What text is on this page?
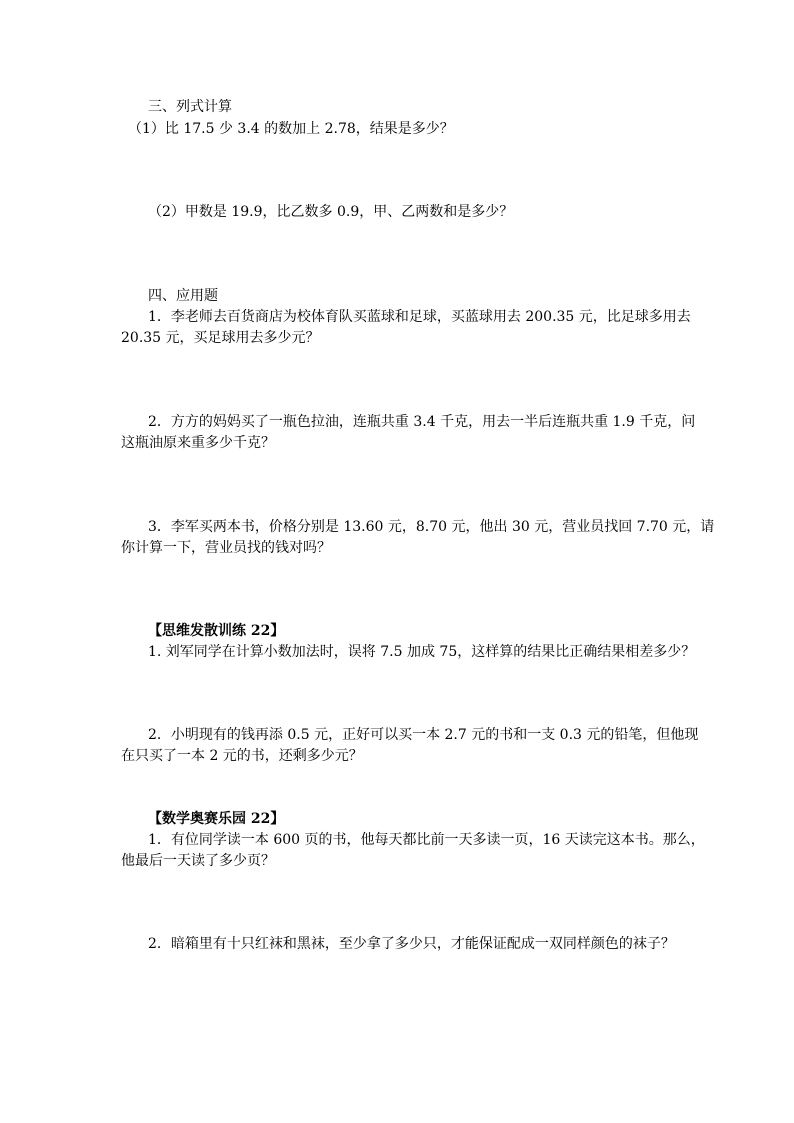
三、列式计算
（1）比 17.5 少 3.4 的数加上 2.78，结果是多少？
（2）甲数是 19.9，比乙数多 0.9，甲、乙两数和是多少？
四、应用题
1．李老师去百货商店为校体育队买蓝球和足球，买蓝球用去 200.35 元，比足球多用去
20.35 元，买足球用去多少元？
2．方方的妈妈买了一瓶色拉油，连瓶共重 3.4 千克，用去一半后连瓶共重 1.9 千克，问
这瓶油原来重多少千克？
3．李军买两本书，价格分别是 13.60 元，8.70 元，他出 30 元，营业员找回 7.70 元，请
你计算一下，营业员找的钱对吗？
【思维发散训练 22】
1. 刘军同学在计算小数加法时，误将 7.5 加成 75，这样算的结果比正确结果相差多少？
2．小明现有的钱再添 0.5 元，正好可以买一本 2.7 元的书和一支 0.3 元的铅笔，但他现
在只买了一本 2 元的书，还剩多少元？
【数学奥赛乐园 22】
1．有位同学读一本 600 页的书，他每天都比前一天多读一页，16 天读完这本书。那么，
他最后一天读了多少页？
2．暗箱里有十只红袜和黑袜，至少拿了多少只，才能保证配成一双同样颜色的袜子？
